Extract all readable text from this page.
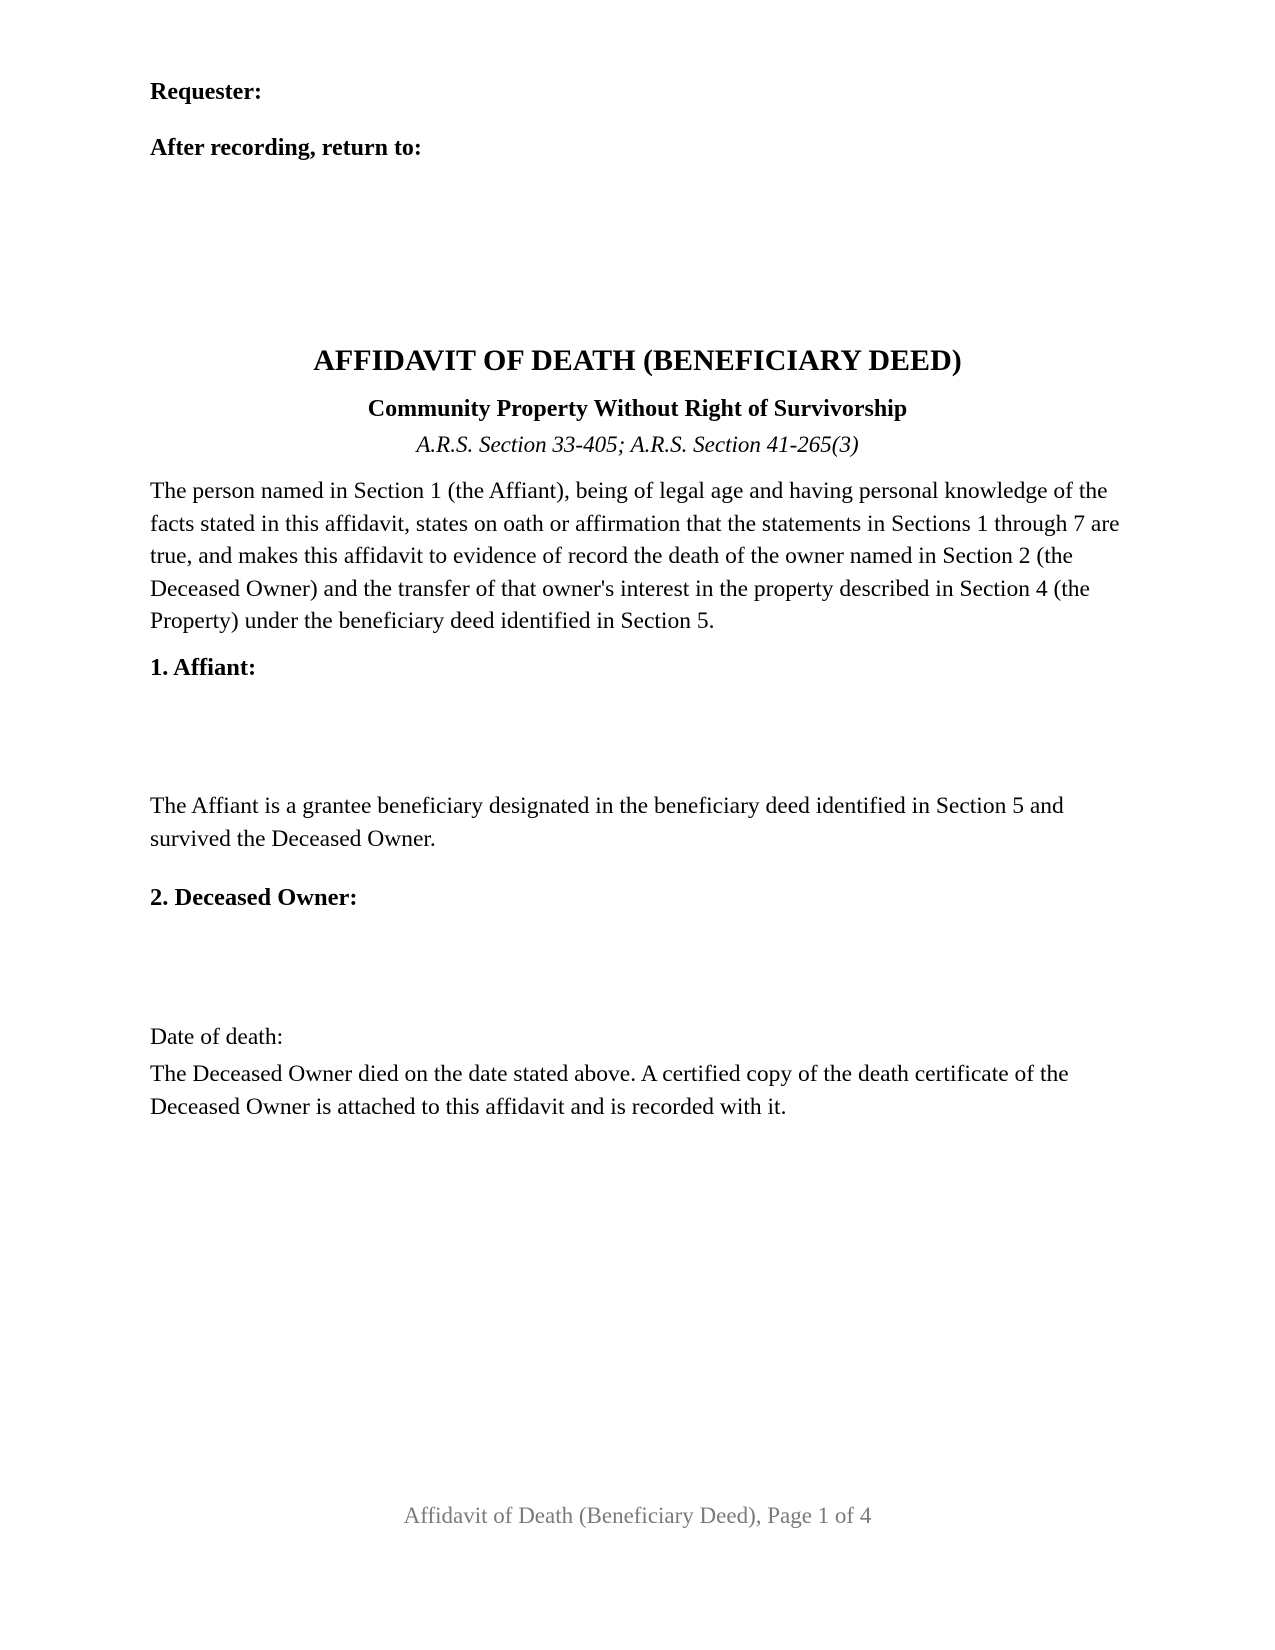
Requester:

After recording, return to:

AFFIDAVIT OF DEATH (BENEFICIARY DEED)
Community Property Without Right of Survivorship

A.R.S. Section 33-405; A.R.S. Section 41-265(3)

The person named in Section 1 (the Affiant), being of legal age and having personal knowledge of the facts stated in this affidavit, states on oath or affirmation that the statements in Sections 1 through 7 are true, and makes this affidavit to evidence of record the death of the owner named in Section 2 (the Deceased Owner) and the transfer of that owner's interest in the property described in Section 4 (the Property) under the beneficiary deed identified in Section 5.

1. Affiant:

The Affiant is a grantee beneficiary designated in the beneficiary deed identified in Section 5 and survived the Deceased Owner.

2. Deceased Owner:

Date of death:

The Deceased Owner died on the date stated above. A certified copy of the death certificate of the Deceased Owner is attached to this affidavit and is recorded with it.

Affidavit of Death (Beneficiary Deed), Page 1 of 4
